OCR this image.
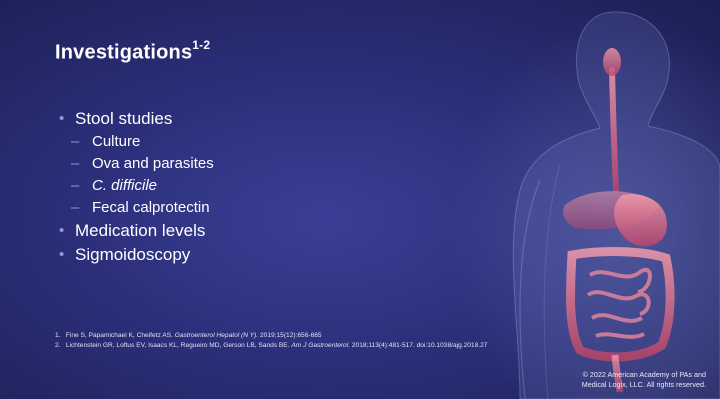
Investigations$^{1-2}$
• Stool studies
– Culture
– Ova and parasites
– C. difficile
– Fecal calprotectin
• Medication levels
• Sigmoidoscopy
1. Fine S, Papamichael K, Cheifetz AS. Gastroenterol Hepatol (N Y). 2019;15(12):656-665
2. Lichtenstein GR, Loftus EV, Isaacs KL, Regueiro MD, Gerson LB, Sands BE. Am J Gastroenterol. 2018;113(4):481-517. doi:10.1038/ajg.2018.27
© 2022 American Academy of PAs and
Medical Logix, LLC. All rights reserved.
